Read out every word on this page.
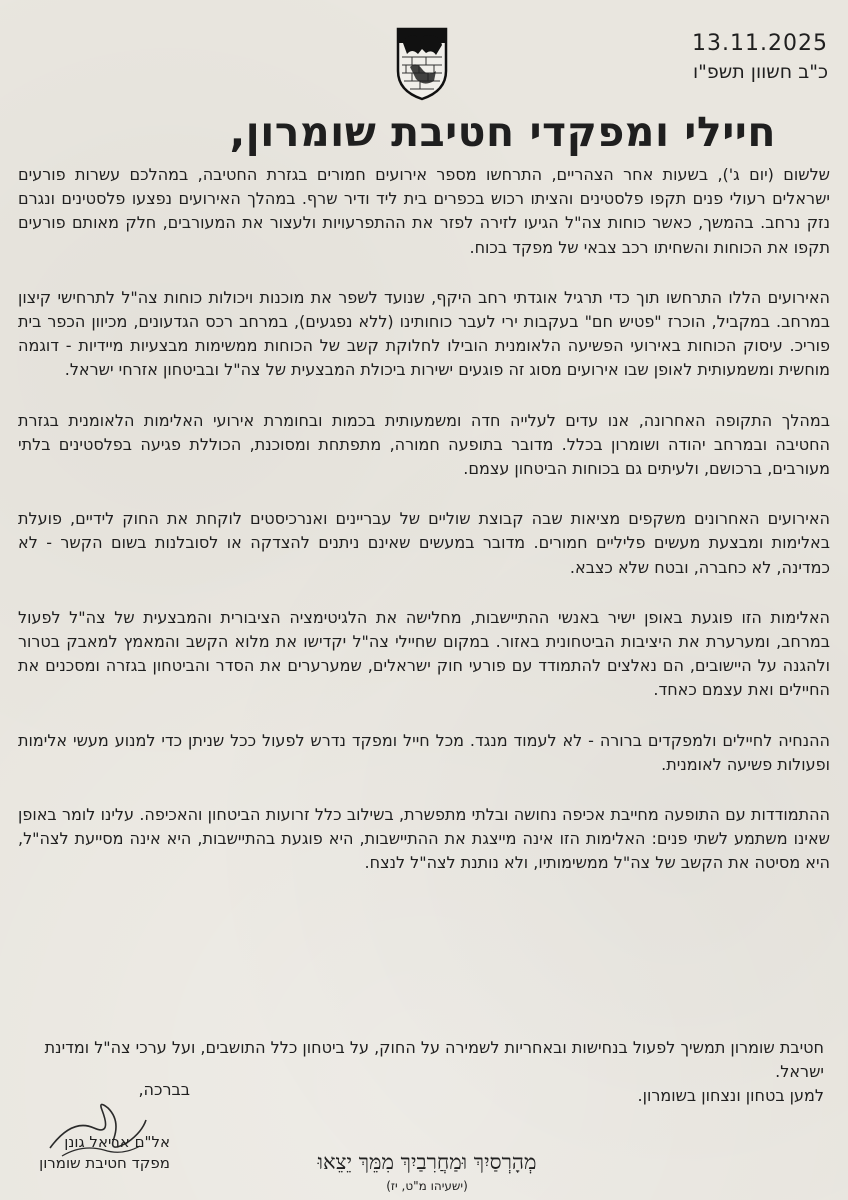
13.11.2025
כ"ב חשוון תשפ"ו
חיילי ומפקדי חטיבת שומרון,

שלשום (יום ג'), בשעות אחר הצהריים, התרחשו מספר אירועים חמורים בגזרת החטיבה, במהלכם עשרות פורעים ישראלים רעולי פנים תקפו פלסטינים והציתו רכוש בכפרים בית ליד ודיר שרף. במהלך האירועים נפצעו פלסטינים ונגרם נזק נרחב. בהמשך, כאשר כוחות צה"ל הגיעו לזירה לפזר את ההתפרעויות ולעצור את המעורבים, חלק מאותם פורעים תקפו את הכוחות והשחיתו רכב צבאי של מפקד בכוח.

האירועים הללו התרחשו תוך כדי תרגיל אוגדתי רחב היקף, שנועד לשפר את מוכנות ויכולות כוחות צה"ל לתרחישי קיצון במרחב. במקביל, הוכרז "פטיש חם" בעקבות ירי לעבר כוחותינו (ללא נפגעים), במרחב רכס הגדעונים, מכיוון הכפר בית פוריכ. עיסוק הכוחות באירועי הפשיעה הלאומנית הובילו לחלוקת קשב של הכוחות ממשימות מבצעיות מיידיות - דוגמה מוחשית ומשמעותית לאופן שבו אירועים מסוג זה פוגעים ישירות ביכולת המבצעית של צה"ל ובביטחון אזרחי ישראל.

במהלך התקופה האחרונה, אנו עדים לעלייה חדה ומשמעותית בכמות ובחומרת אירועי האלימות הלאומנית בגזרת החטיבה ובמרחב יהודה ושומרון בכלל. מדובר בתופעה חמורה, מתפתחת ומסוכנת, הכוללת פגיעה בפלסטינים בלתי מעורבים, ברכושם, ולעיתים גם בכוחות הביטחון עצמם.

האירועים האחרונים משקפים מציאות שבה קבוצת שוליים של עבריינים ואנרכיסטים לוקחת את החוק לידיים, פועלת באלימות ומבצעת מעשים פליליים חמורים. מדובר במעשים שאינם ניתנים להצדקה או לסובלנות בשום הקשר - לא כמדינה, לא כחברה, ובטח שלא כצבא.

האלימות הזו פוגעת באופן ישיר באנשי ההתיישבות, מחלישה את הלגיטימציה הציבורית והמבצעית של צה"ל לפעול במרחב, ומערערת את היציבות הביטחונית באזור. במקום שחיילי צה"ל יקדישו את מלוא הקשב והמאמץ למאבק בטרור ולהגנה על היישובים, הם נאלצים להתמודד עם פורעי חוק ישראלים, שמערערים את הסדר והביטחון בגזרה ומסכנים את החיילים ואת עצמם כאחד.

ההנחיה לחיילים ולמפקדים ברורה - לא לעמוד מנגד. מכל חייל ומפקד נדרש לפעול ככל שניתן כדי למנוע מעשי אלימות ופעולות פשיעה לאומנית.

ההתמודדות עם התופעה מחייבת אכיפה נחושה ובלתי מתפשרת, בשילוב כלל זרועות הביטחון והאכיפה. עלינו לומר באופן שאינו משתמע לשתי פנים: האלימות הזו אינה מייצגת את ההתיישבות, היא פוגעת בהתיישבות, היא אינה מסייעת לצה"ל, היא מסיטה את הקשב של צה"ל ממשימותיו, ולא נותנת לצה"ל לנצח.

חטיבת שומרון תמשיך לפעול בנחישות ובאחריות לשמירה על החוק, על ביטחון כלל התושבים, ועל ערכי צה"ל ומדינת ישראל.
למען בטחון ונצחון בשומרון.
בברכה,
אל"ם אריאל גונן
מפקד חטיבת שומרון	מְהָרְסַיִךְ וּמַחֲרִבַיִךְ מִמֵּךְ יֵצֵאוּ
(ישעיהו מ"ט, יז)
